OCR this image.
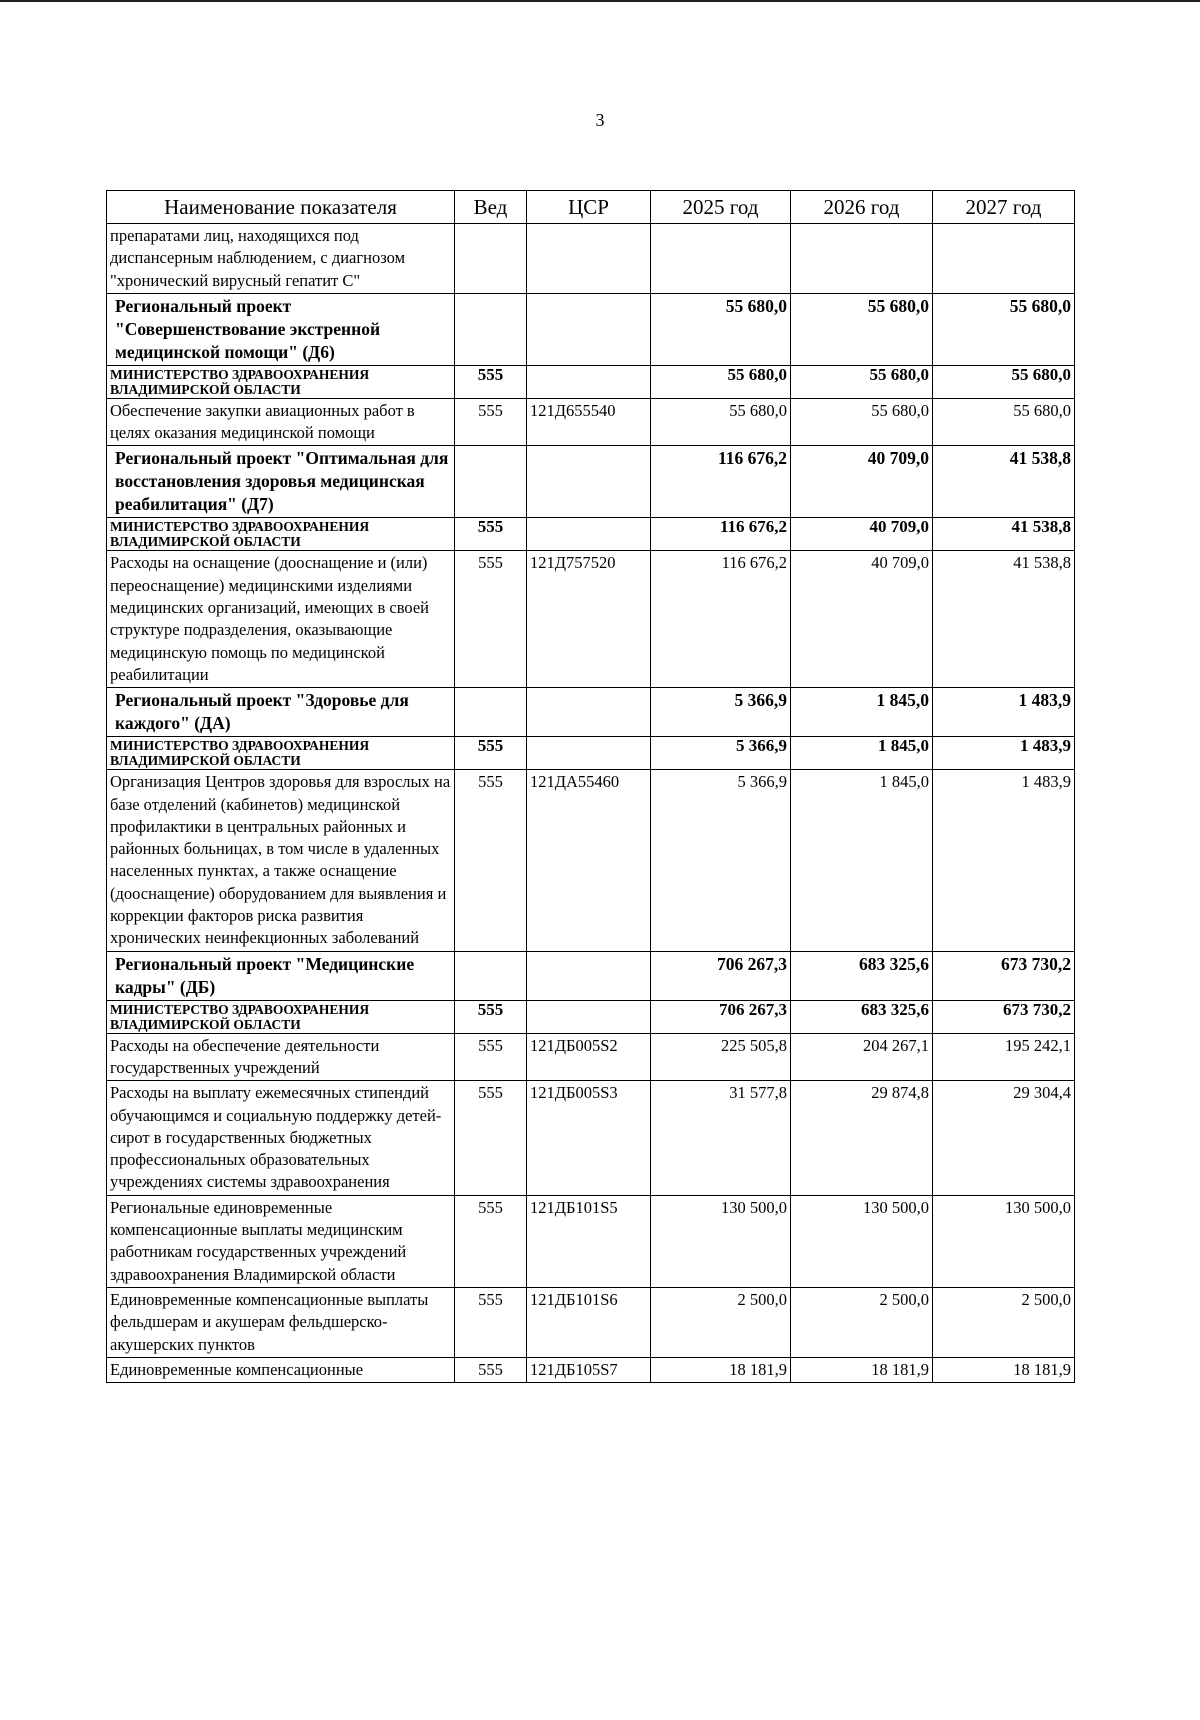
3
Наименование показателя	Вед	ЦСР	2025 год	2026 год	2027 год
препаратами лиц, находящихся под диспансерным наблюдением, с диагнозом "хронический вирусный гепатит С"					
Региональный проект "Совершенствование экстренной медицинской помощи" (Д6)			55 680,0	55 680,0	55 680,0
МИНИСТЕРСТВО ЗДРАВООХРАНЕНИЯ ВЛАДИМИРСКОЙ ОБЛАСТИ	555		55 680,0	55 680,0	55 680,0
Обеспечение закупки авиационных работ в целях оказания медицинской помощи	555	121Д655540	55 680,0	55 680,0	55 680,0
Региональный проект "Оптимальная для восстановления здоровья медицинская реабилитация" (Д7)			116 676,2	40 709,0	41 538,8
МИНИСТЕРСТВО ЗДРАВООХРАНЕНИЯ ВЛАДИМИРСКОЙ ОБЛАСТИ	555		116 676,2	40 709,0	41 538,8
Расходы на оснащение (дооснащение и (или) переоснащение) медицинскими изделиями медицинских организаций, имеющих в своей структуре подразделения, оказывающие медицинскую помощь по медицинской реабилитации	555	121Д757520	116 676,2	40 709,0	41 538,8
Региональный проект "Здоровье для каждого" (ДА)			5 366,9	1 845,0	1 483,9
МИНИСТЕРСТВО ЗДРАВООХРАНЕНИЯ ВЛАДИМИРСКОЙ ОБЛАСТИ	555		5 366,9	1 845,0	1 483,9
Организация Центров здоровья для взрослых на базе отделений (кабинетов) медицинской профилактики в центральных районных и районных больницах, в том числе в удаленных населенных пунктах, а также оснащение (дооснащение) оборудованием для выявления и коррекции факторов риска развития хронических неинфекционных заболеваний	555	121ДА55460	5 366,9	1 845,0	1 483,9
Региональный проект "Медицинские кадры" (ДБ)			706 267,3	683 325,6	673 730,2
МИНИСТЕРСТВО ЗДРАВООХРАНЕНИЯ ВЛАДИМИРСКОЙ ОБЛАСТИ	555		706 267,3	683 325,6	673 730,2
Расходы на обеспечение деятельности государственных учреждений	555	121ДБ005S2	225 505,8	204 267,1	195 242,1
Расходы на выплату ежемесячных стипендий обучающимся и социальную поддержку детей-сирот в государственных бюджетных профессиональных образовательных учреждениях системы здравоохранения	555	121ДБ005S3	31 577,8	29 874,8	29 304,4
Региональные единовременные компенсационные выплаты медицинским работникам государственных учреждений здравоохранения Владимирской области	555	121ДБ101S5	130 500,0	130 500,0	130 500,0
Единовременные компенсационные выплаты фельдшерам и акушерам фельдшерско-акушерских пунктов	555	121ДБ101S6	2 500,0	2 500,0	2 500,0
Единовременные компенсационные	555	121ДБ105S7	18 181,9	18 181,9	18 181,9
